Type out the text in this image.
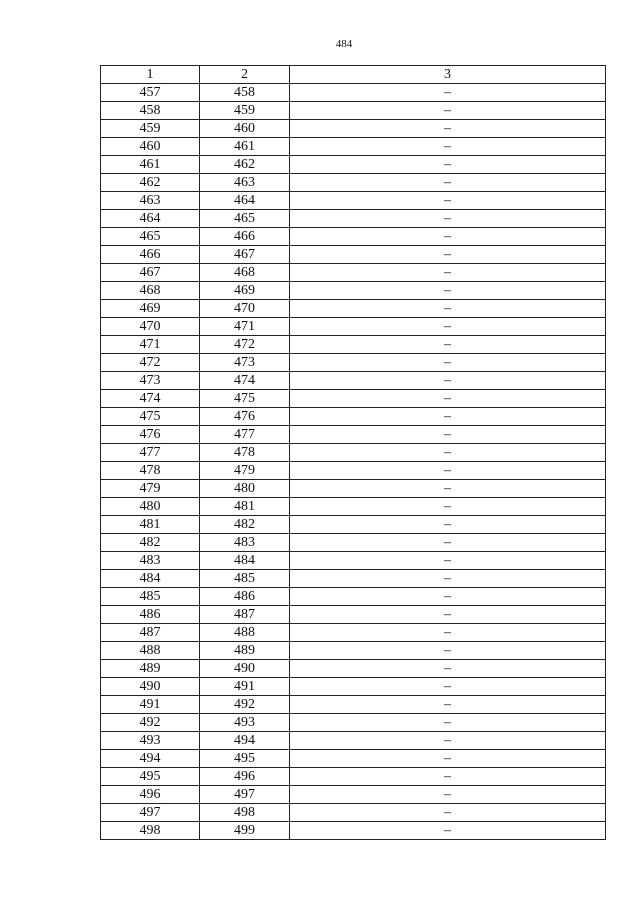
484
1	2	3
457	458	–
458	459	–
459	460	–
460	461	–
461	462	–
462	463	–
463	464	–
464	465	–
465	466	–
466	467	–
467	468	–
468	469	–
469	470	–
470	471	–
471	472	–
472	473	–
473	474	–
474	475	–
475	476	–
476	477	–
477	478	–
478	479	–
479	480	–
480	481	–
481	482	–
482	483	–
483	484	–
484	485	–
485	486	–
486	487	–
487	488	–
488	489	–
489	490	–
490	491	–
491	492	–
492	493	–
493	494	–
494	495	–
495	496	–
496	497	–
497	498	–
498	499	–
